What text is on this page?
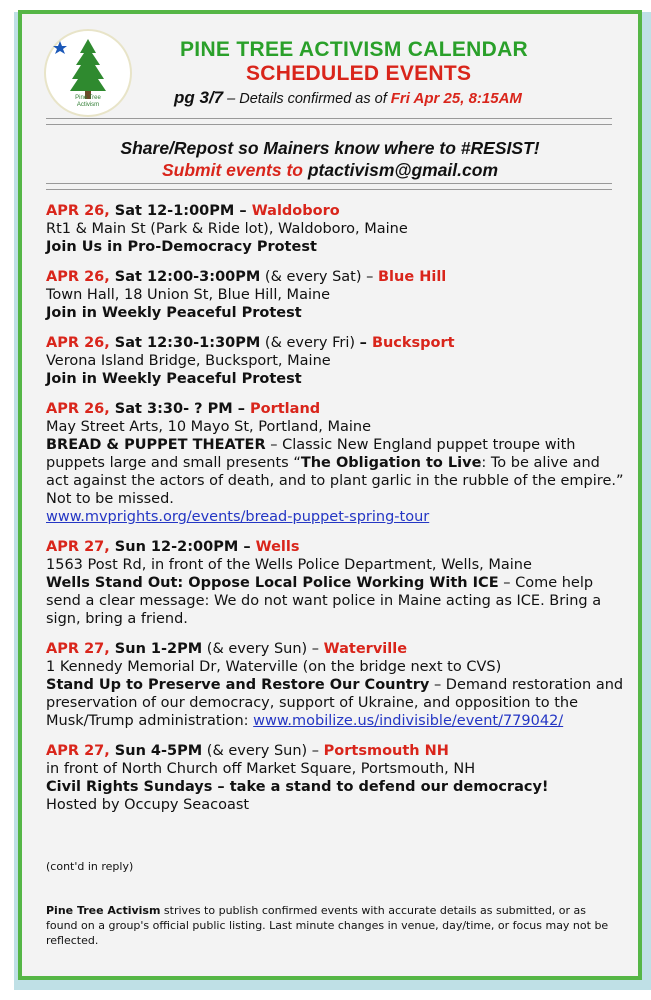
Pine Tree
Activism
PINE TREE ACTIVISM CALENDAR
SCHEDULED EVENTS
pg 3/7 – Details confirmed as of Fri Apr 25, 8:15AM
Share/Repost so Mainers know where to #RESIST!
Submit events to ptactivism@gmail.com
APR 26, Sat 12-1:00PM – Waldoboro
Rt1 & Main St (Park & Ride lot), Waldoboro, Maine
Join Us in Pro-Democracy Protest
APR 26, Sat 12:00-3:00PM (& every Sat) – Blue Hill
Town Hall, 18 Union St, Blue Hill, Maine
Join in Weekly Peaceful Protest
APR 26, Sat 12:30-1:30PM (& every Fri) – Bucksport
Verona Island Bridge, Bucksport, Maine
Join in Weekly Peaceful Protest
APR 26, Sat 3:30- ? PM – Portland
May Street Arts, 10 Mayo St, Portland, Maine
BREAD & PUPPET THEATER – Classic New England puppet troupe with puppets large and small presents “The Obligation to Live: To be alive and act against the actors of death, and to plant garlic in the rubble of the empire.” Not to be missed.
www.mvprights.org/events/bread-puppet-spring-tour
APR 27, Sun 12-2:00PM – Wells
1563 Post Rd, in front of the Wells Police Department, Wells, Maine
Wells Stand Out: Oppose Local Police Working With ICE – Come help send a clear message: We do not want police in Maine acting as ICE. Bring a sign, bring a friend.
APR 27, Sun 1-2PM (& every Sun) – Waterville
1 Kennedy Memorial Dr, Waterville (on the bridge next to CVS)
Stand Up to Preserve and Restore Our Country – Demand restoration and preservation of our democracy, support of Ukraine, and opposition to the Musk/Trump administration: www.mobilize.us/indivisible/event/779042/
APR 27, Sun 4-5PM (& every Sun) – Portsmouth NH
in front of North Church off Market Square, Portsmouth, NH
Civil Rights Sundays – take a stand to defend our democracy!
Hosted by Occupy Seacoast
(cont'd in reply)
Pine Tree Activism strives to publish confirmed events with accurate details as submitted, or as found on a group's official public listing. Last minute changes in venue, day/time, or focus may not be reflected.
